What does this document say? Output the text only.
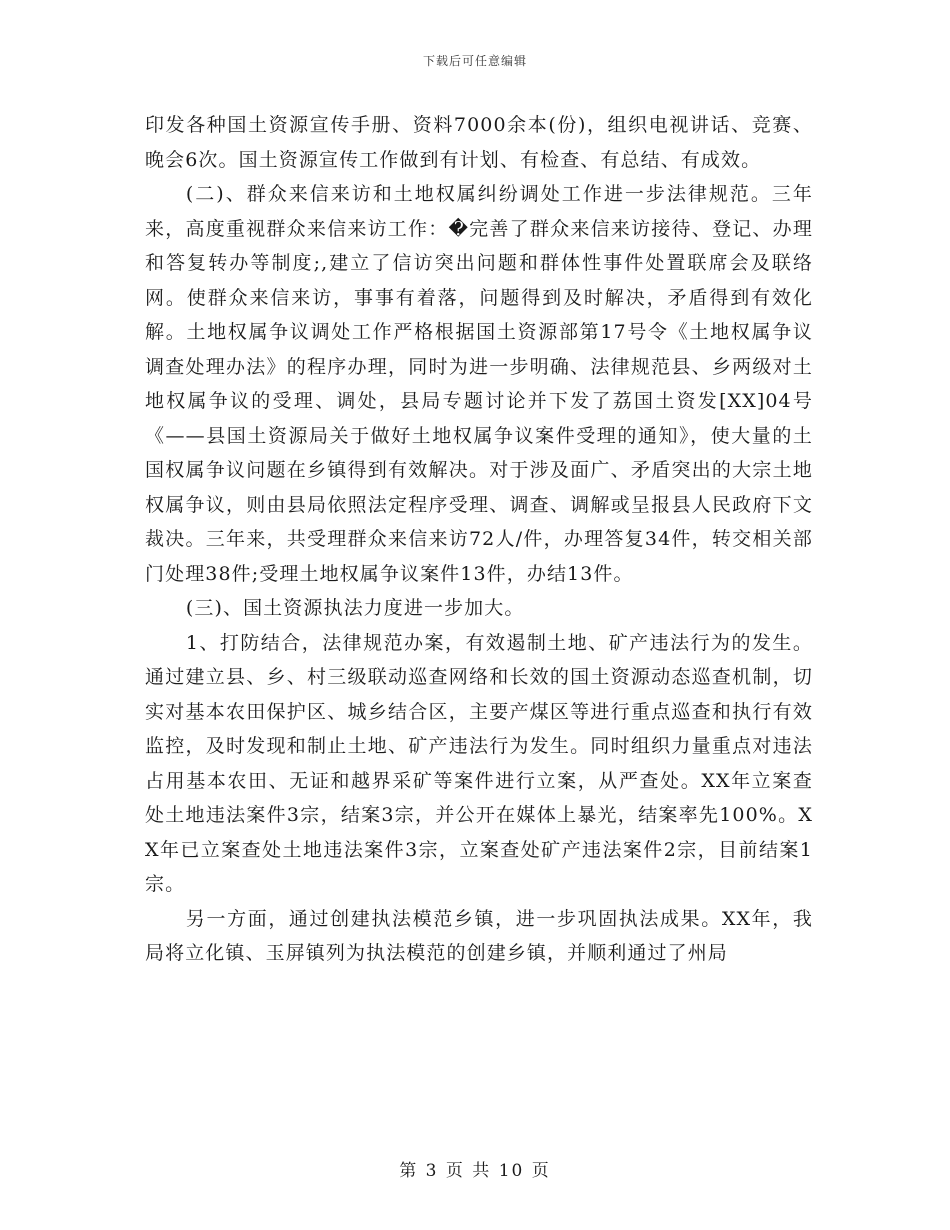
下载后可任意编辑

印发各种国土资源宣传手册、资料7000余本(份)，组织电视讲话、竞赛、晚会6次。国土资源宣传工作做到有计划、有检查、有总结、有成效。

(二)、群众来信来访和土地权属纠纷调处工作进一步法律规范。三年来，高度重视群众来信来访工作：�完善了群众来信来访接待、登记、办理和答复转办等制度;,建立了信访突出问题和群体性事件处置联席会及联络网。使群众来信来访，事事有着落，问题得到及时解决，矛盾得到有效化解。土地权属争议调处工作严格根据国土资源部第17号令《土地权属争议调查处理办法》的程序办理，同时为进一步明确、法律规范县、乡两级对土地权属争议的受理、调处，县局专题讨论并下发了荔国土资发[XX]04号《——县国土资源局关于做好土地权属争议案件受理的通知》，使大量的土国权属争议问题在乡镇得到有效解决。对于涉及面广、矛盾突出的大宗土地权属争议，则由县局依照法定程序受理、调查、调解或呈报县人民政府下文裁决。三年来，共受理群众来信来访72人/件，办理答复34件，转交相关部门处理38件;受理土地权属争议案件13件，办结13件。

(三)、国土资源执法力度进一步加大。

1、打防结合，法律规范办案，有效遏制土地、矿产违法行为的发生。通过建立县、乡、村三级联动巡查网络和长效的国土资源动态巡查机制，切实对基本农田保护区、城乡结合区，主要产煤区等进行重点巡查和执行有效监控，及时发现和制止土地、矿产违法行为发生。同时组织力量重点对违法占用基本农田、无证和越界采矿等案件进行立案，从严查处。XX年立案查处土地违法案件3宗，结案3宗，并公开在媒体上暴光，结案率先100%。XX年已立案查处土地违法案件3宗，立案查处矿产违法案件2宗，目前结案1宗。

另一方面，通过创建执法模范乡镇，进一步巩固执法成果。XX年，我局将立化镇、玉屏镇列为执法模范的创建乡镇，并顺利通过了州局

第 3 页 共 10 页
